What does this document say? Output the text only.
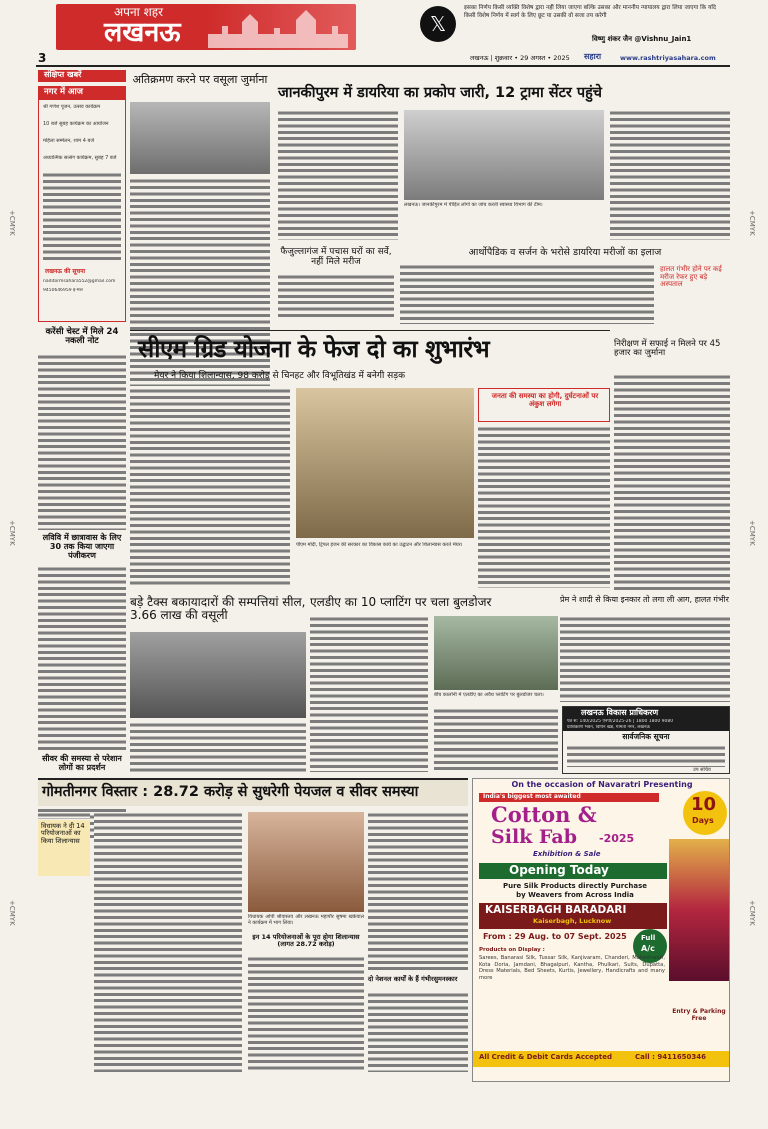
अपना शहर
लखनऊ	𝕏
इसका निर्णय किसी व्यक्ति विशेष द्वारा नहीं लिया जाएगा बल्कि उसका और माननीय न्यायालय द्वारा लिया जाएगा कि यदि किसी विशेष निर्णय में स्वर्ग के लिए छूट या उसकी वो सजा तय करेगी
विष्णु शंकर जैन @Vishnu_Jain1
3	लखनऊ | शुक्रवार • 29 अगस्त • 2025 सहारा	www.rashtriyasahara.com
संक्षिप्त खबरें
नगर में आज
श्री गणेश पूजन, उत्सव कार्यक्रम
10 बजे सुबह कार्यक्रम का आयोजन
महिला सम्मेलन, शाम 4 बजे
अध्यात्मिक सत्संग कार्यक्रम, सुबह 7 बजे
लखनऊ की सूचना
naditormsahara552@gmail.com
9450646959 ई-मेल
करेंसी चेस्ट में मिले 24 नकली नोट
लविवि में छात्रावास के लिए 30 तक किया जाएगा पंजीकरण
सीवर की समस्या से परेशान लोगों का प्रदर्शन
अतिक्रमण करने पर वसूला जुर्माना
जानकीपुरम में डायरिया का प्रकोप जारी, 12 ट्रामा सेंटर पहुंचे
लखनऊ। जानकीपुरम में पीड़ित लोगों का जांच करती स्वास्थ्य विभाग की टीम।
फैजुल्लागंज में पचास घरों का सर्वे, नहीं मिले मरीज
आर्थोपैडिक व सर्जन के भरोसे डायरिया मरीजों का इलाज
हालत गंभीर होने पर कई मरीज रेफर हुए बड़े अस्पताल
सीएम ग्रिड योजना के फेज दो का शुभारंभ
मेयर ने किया शिलान्यास, 98 करोड़ से चिनहट और विभूतिखंड में बनेगी सड़क
पीएम मोदी, ट्रिपल इंजन की सरकार का विकास कार्य का उद्घाटन और शिलान्यास करते मेयर।
जनता की समस्या का होगी, दुर्घटनाओं पर अंकुश लगेगा
निरीक्षण में सफाई न मिलने पर 45 हजार का जुर्माना
बड़े टैक्स बकायादारों की सम्पत्तियां सील, 3.66 लाख की वसूली
एलडीए का 10 प्लाटिंग पर चला बुलडोजर
बीच कालोनी में एलडीए का अवैध प्लाटिंग पर बुलडोजर चला।
प्रेम ने शादी से किया इनकार तो लगा ली आग, हालत गंभीर
लखनऊ विकास प्राधिकरण
पत्र सं: 140/2025 एनपी/2025-26 | 1800 1800 9080
प्राधिकरण भवन, विपिन खंड, गोमती नगर, लखनऊ
सार्वजनिक सूचना
उप सचिव
गोमतीनगर विस्तार : 28.72 करोड़ से सुधरेगी पेयजल व सीवर समस्या
विधायक ने दी 14 परियोजनाओं का किया शिलान्यास
विधायक ओपी श्रीवास्तव और लखनऊ महापौर सुषमा खर्कवाल ने कार्यक्रम में भाग लिया।
इन 14 परियोजनाओं के पूरा होगा शिलान्यास (लागत 28.72 करोड़)
दो नेशनल कार्यों के हैं गंभीरसुमनस्कार
On the occasion of Navaratri Presenting
India's biggest most awaited
Cotton &
Silk Fab -2025
Exhibition & Sale
10
Days
Opening Today
Pure Silk Products directly Purchase
by Weavers from Across India
KAISERBAGH BARADARI
Kaiserbagh, Lucknow
From : 29 Aug. to 07 Sept. 2025 Full
A/c
Products on Display :
Sarees, Banarasi Silk, Tussar Silk, Kanjivaram, Chanderi, Maheshwari, Kota Doria, Jamdani, Bhagalpuri, Kantha, Phulkari, Suits, Dupatta, Dress Materials, Bed Sheets, Kurtis, Jewellery, Handicrafts and many more
Entry & Parking Free
All Credit & Debit Cards Accepted	Call : 9411650346
+CMYK
+CMYK
+CMYK
+CMYK
+CMYK
+CMYK
